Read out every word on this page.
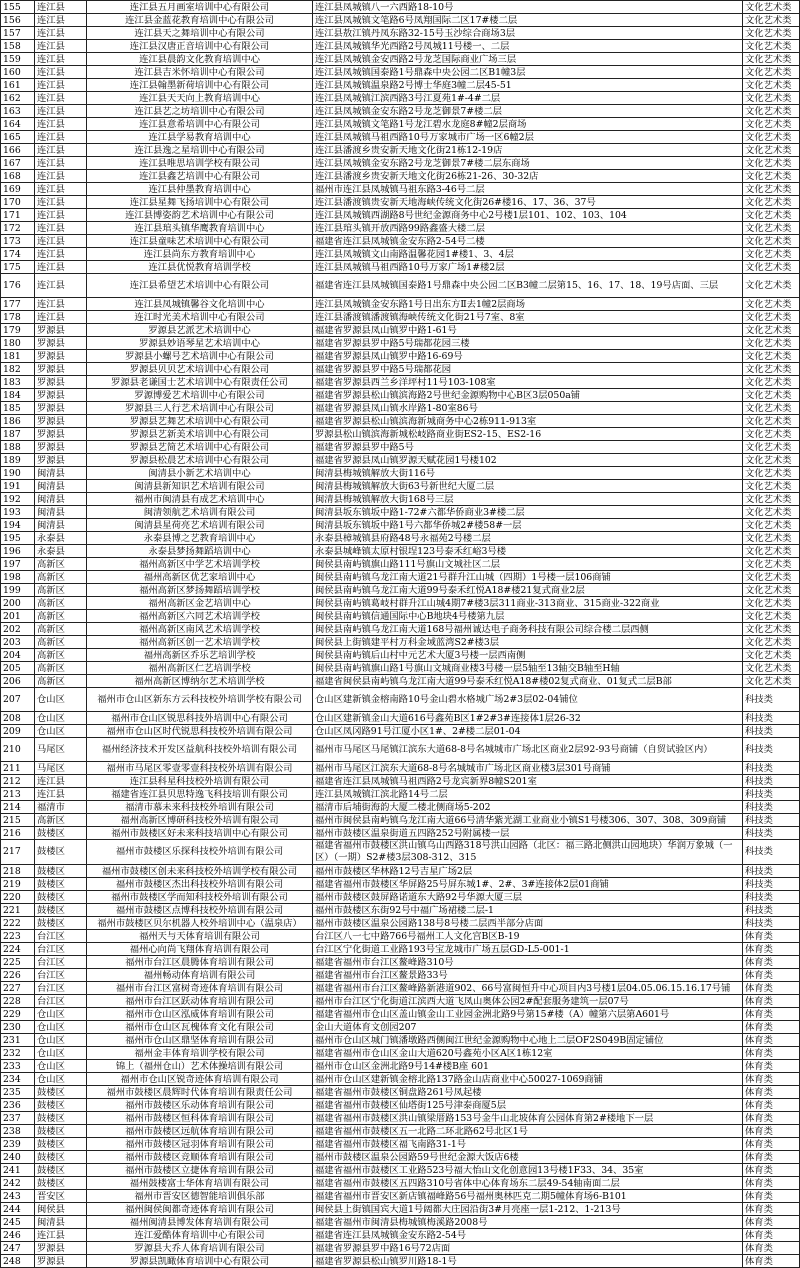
155	连江县	连江县五月画室培训中心有限公司	连江县凤城镇八一六西路18-10号	文化艺术类
156	连江县	连江县金蓝花教育培训中心有限公司	连江县凤城镇文笔路6号凤翔国际二区17#楼二层	文化艺术类
157	连江县	连江县天之舞培训中心有限公司	连江县敖江镇丹凤东路32-15号玉沙综合商场3层	文化艺术类
158	连江县	连江县汉唐正音培训中心有限公司	连江县凤城镇华光西路2号凤城11号楼一、二层	文化艺术类
159	连江县	连江县晨韵文化教育培训中心	连江县凤城镇金安西路2号龙芝国际商业广场三层	文化艺术类
160	连江县	连江县吉米怀培训中心有限公司	连江县凤城镇国泰路1号鼎森中央公园二区B1幢3层	文化艺术类
161	连江县	连江县翰墨新荷培训中心有限公司	连江县凤城镇温泉路2号博士华庭3幢二层45-51	文化艺术类
162	连江县	连江县天天向上教育培训中心	连江县凤城镇江滨西路3号江夏苑1#-4#二层	文化艺术类
163	连江县	连江县艺之坊培训中心有限公司	连江县凤城镇金安东路2号龙芝御景7#楼二层	文化艺术类
164	连江县	连江县意希培训中心有限公司	连江县凤城镇文笔路1号龙江碧水龙庭8#幢2层商场	文化艺术类
165	连江县	连江县学易教育培训中心	连江县凤城镇马祖西路10号万家城市广场一区6幢2层	文化艺术类
166	连江县	连江县逸之星培训中心有限公司	连江县潘渡乡贵安新天地文化街21栋12-19店	文化艺术类
167	连江县	连江县唯思培训学校有限公司	连江县凤城镇金安东路2号龙芝御景7#楼二层东商场	文化艺术类
168	连江县	连江县鑫艺培训中心有限公司	连江县潘渡乡贵安新天地文化街26栋21-26、30-32店	文化艺术类
169	连江县	连江县仲墨教育培训中心	福州市连江县凤城镇马祖东路3-46号二层	文化艺术类
170	连江县	连江县星舞飞扬培训中心有限公司	连江县潘渡镇贵安新天地海峡传统文化街26#楼16、17、36、37号	文化艺术类
171	连江县	连江县博姿韵艺术培训中心有限公司	连江县凤城镇西湖路8号世纪金源商务中心2号楼1层101、102、103、104	文化艺术类
172	连江县	连江县琯头镇华鹰教育培训中心	连江县琯头镇开放西路99路鑫盛大楼二层	文化艺术类
173	连江县	连江县童味艺术培训中心有限公司	福建省连江县凤城镇金安东路2-54号二楼	文化艺术类
174	连江县	连江县尚东方教育培训中心	连江县凤城镇文山南路温馨花园1#楼1、3、4层	文化艺术类
175	连江县	连江县优悦教育培训学校	连江县凤城镇马祖西路10号万家广场1#楼2层	文化艺术类
176	连江县	连江县希望艺术培训中心有限公司	福建省连江县凤城镇国泰路1号鼎森中央公园二区B3幢二层第15、16、17、18、19号店面、三层	文化艺术类
177	连江县	连江县凤城镇馨谷文化培训中心	连江县凤城镇金安东路1号日出东方Ⅱ去1幢2层商场	文化艺术类
178	连江县	连江时光美术培训中心有限公司	连江县潘渡镇潘渡镇海峡传统文化街21号7室、8室	文化艺术类
179	罗源县	罗源县艺派艺术培训中心	福建省罗源县凤山镇罗中路1-61号	文化艺术类
180	罗源县	罗源县妙语琴星艺术培训中心	福建省罗源县罗中路5号瑞都花园三楼	文化艺术类
181	罗源县	罗源县小螺号艺术培训中心有限公司	福建省罗源县凤山镇罗中路16-69号	文化艺术类
182	罗源县	罗源县贝贝艺术培训中心有限公司	福建省罗源县罗中路5号瑞都花园	文化艺术类
183	罗源县	罗源县老谦国士艺术培训中心有限责任公司	福建省罗源县西兰乡洋坪村11号103-108室	文化艺术类
184	罗源县	罗源博爱艺术培训中心有限公司	福建省罗源县松山镇滨海路2号世纪金源购物中心B区3层050a铺	文化艺术类
185	罗源县	罗源县三人行艺术培训中心有限公司	福建省罗源县凤山镇水岸路1-80室86号	文化艺术类
186	罗源县	罗源县艺舞艺术培训中心有限公司	福建省罗源县松山镇滨海新城商务中心2栋911-913室	文化艺术类
187	罗源县	罗源县艺新美术培训中心有限公司	罗源县松山镇滨海新城松岐路商业街ES2-15、ES2-16	文化艺术类
188	罗源县	罗源县艺简艺术培训中心有限公司	福建省罗源县罗中路5号	文化艺术类
189	罗源县	罗源县松晨艺术培训中心有限公司	福建省罗源县凤山镇罗源天赋花园1号楼102	文化艺术类
190	闽清县	闽清县小新艺术培训中心	闽清县梅城镇解放大街116号	文化艺术类
191	闽清县	闽清县新知识艺术培训有限公司	闽清县梅城镇解放大街63号新世纪大厦二层	文化艺术类
192	闽清县	福州市闽清县有成艺术培训中心	闽清县梅城镇解放大街168号三层	文化艺术类
193	闽清县	闽清领航艺术培训有限公司	闽清县坂东镇坂中路1-72#六都华侨商业3#楼二层	文化艺术类
194	闽清县	闽清县星荷亮艺术培训有限公司	闽清县坂东镇坂中路1号六都华侨城2#楼58#一层	文化艺术类
195	永泰县	永泰县博之艺教育培训中心	永泰县樟城镇县府路48号永福苑2号楼二层	文化艺术类
196	永泰县	永泰县梦扬舞蹈培训中心	永泰县城峰镇太原村银埕123号泰禾红峪3号楼	文化艺术类
197	高新区	福州高新区中学艺术培训学校	闽侯县南屿镇旗山路111号旗山文城社区二层	文化艺术类
198	高新区	福州高新区优艺家培训中心	闽侯县南屿镇乌龙江南大道21号群升江山城（四期）1号楼一层106商铺	文化艺术类
199	高新区	福州高新区梦扬舞蹈培训学校	闽侯县南屿镇乌龙江南大道99号泰禾红悦A18#楼21复式商业2层	文化艺术类
200	高新区	福州高新区金艺培训中心	闽侯县南屿镇葛岐村群升江山城4期7#楼3层311商业-313商业、315商业-322商业	文化艺术类
201	高新区	福州高新区六同艺术培训学校	闽侯县南屿镇信通国际中心B地块4号楼第九层	文化艺术类
202	高新区	福州高新区南风艺术培训学校	闽侯县南屿镇乌龙江南大道168号福州诚达电子商务科技有限公司综合楼二层西侧	文化艺术类
203	高新区	福州高新区创一艺术培训学校	闽侯县上街镇建平村万科金域蓝湾S2#楼3层	文化艺术类
204	高新区	福州高新区乔乐艺培训学校	闽侯县南屿镇后山村中元艺术大厦3号楼一层西南侧	文化艺术类
205	高新区	福州高新区仁艺培训学校	闽侯县南屿镇旗山路1号旗山文城商业楼3号楼一层5轴至13轴交B轴至H轴	文化艺术类
206	高新区	福州高新区博纳尔艺术培训学校	福建省闽侯县南屿镇乌龙江南大道99号泰禾红悦A18#楼02复式商业、01复式二层B部	文化艺术类
207	仓山区	福州市仓山区新东方云科技校外培训学校有限公司	仓山区建新镇金榕南路10号金山碧水格城广场2#3层02-04铺位	科技类
208	仓山区	福州市仓山区锐思科技外培训中心有限公司	仓山区建新镇金山大道616号鑫苑B区1#2#3#连接体1层26-32	科技类
209	仓山区	福州市仓山区时代锐思科技校外培训有限公司	仓山区凤冈路91号江厦小区1#、2#楼二层01-04	科技类
210	马尾区	福州经济技术开发区益航科技校外培训有限公司	福州市马尾区马尾镇江滨东大道68-8号名城城市广场北区商业2层92-93号商铺（自贸试验区内）	科技类
211	马尾区	福州市马尾区零壹零壹科技校外培训有限公司	福州市马尾区江滨东大道68-8号名城城市广场北区商业楼3层301号商铺	科技类
212	连江县	连江县科星科技校外培训有限公司	福建省连江县凤城镇马祖西路2号龙宾新界8幢S201室	科技类
213	连江县	福建省连江县贝思特逸飞科技培训有限公司	连江县凤城镇江滨北路14号二层	科技类
214	福清市	福清市慕未来科技校外培训有限公司	福清市后埔街海韵大厦二楼北侧商场5-202	科技类
215	高新区	福州高新区博研科技校外培训有限公司	福州市闽侯县南屿镇乌龙江南大道66号清华紫光湖工业商业小镇S1号楼306、307、308、309商铺	科技类
216	鼓楼区	福州市鼓楼区好未来科技培训中心有限公司	福州市鼓楼区温泉街道五四路252号附属楼一层	科技类
217	鼓楼区	福州市鼓楼区乐探科技校外培训有限公司	福建省福州市鼓楼区洪山镇乌山西路318号洪山园路（北区：福三路北侧洪山园地块）华润万象城（一区）（一期）S2#楼3层308-312、315	科技类
218	鼓楼区	福州市鼓楼区创未来科技校外培训学校有限公司	福州市鼓楼区华林路12号吉星广场2层	科技类
219	鼓楼区	福州市鼓楼区杰出科技校外培训有限公司	福建省福州市鼓楼区华屏路25号屏东城1#、2#、3#连接体2层01商铺	科技类
220	鼓楼区	福州市鼓楼区学而知科技校外培训有限公司	福州市鼓楼区鼓屏路诺道东大路92号华源大厦三层	科技类
221	鼓楼区	福州市鼓楼区点博科技校外培训有限公司	福州市鼓楼区东街92号中福广场裙楼二层-1	科技类
222	鼓楼区	福州市鼓楼区贝尔机器人校外培训中心（温泉店）	福州市鼓楼区温泉公园路138号8号楼二层西半部分店面	科技类
223	台江区	福州天与天体育培训有限公司	台江区八一七中路766号福州工人文化宫B区B-19	体育类
224	台江区	福州心向尚飞翔体育培训有限公司	台江区宁化街道工业路193号宝龙城市广场五层GD-L5-001-1	体育类
225	台江区	福州市台江区晨腾体育培训有限公司	福建省福州市台江区鳌峰路310号	体育类
226	台江区	福州畅动体育培训有限公司	福建省福州市台江区鳌景路33号	体育类
227	台江区	福州市台江区富树奇迹体育培训有限公司	福建省福州市台江区鳌峰路新港道902、66号富闽恒升中心项目内3号楼1层04.05.06.15.16.17号铺	体育类
228	台江区	福州市台江区跃动体育培训有限公司	福州市台江区宁化街道江滨西大道飞凤山奥体公园2#配套服务建筑一层07号	体育类
229	仓山区	福州市仓山区泓威体育培训有限公司	福建省福州市仓山区盖山镇金山工业园金洲北路9号第15#楼（A）幢第六层第A601号	体育类
230	仓山区	福州市仓山区瓦槐体育文化有限公司	金山大道体育文创园207	体育类
231	仓山区	福州市仓山区鼎坚体育培训有限公司	福州市仓山区城门镇潘墩路西侧闽江世纪金源购物中心地上二层OF2S049B固定铺位	体育类
232	仓山区	福州金丰体育培训学校有限公司	福建省福州市仓山区金山大道620号鑫苑小区A区1栋12室	体育类
233	仓山区	锦上（福州仓山）艺术体操培训有限公司	福州市仓山区金洲北路9号14#楼B座 601	体育类
234	仓山区	福州市仓山区锐奇迹体育培训有限公司	福州市仓山区建新镇金榕北路137路金山店商业中心50027-1069商铺	体育类
235	鼓楼区	福州市鼓楼区晨辉时代体育培训有限责任公司	福建省福州市鼓楼区铜盘路261号凤起楼	体育类
236	鼓楼区	福州市鼓楼区乐动体育培训有限公司	福建省福州市鼓楼区仙塔街125号津泰商厦5层	体育类
237	鼓楼区	福州市鼓楼区恒科体育培训有限公司	福建省福州市鼓楼区洪山镇梁厝路153号金牛山北坡体育公园体育第2#楼地下一层	体育类
238	鼓楼区	福州市鼓楼区远航体育培训有限公司	福建省福州市鼓楼区五一北路二环北路62号北区1号	体育类
239	鼓楼区	福州市鼓楼区冠羽体育培训有限公司	福建省福州市鼓楼区福飞南路31-1号	体育类
240	鼓楼区	福州市鼓楼区竞顺体育培训有限公司	福州市鼓楼区温泉公园路59号世纪金源大饭店6楼	体育类
241	鼓楼区	福州市鼓楼区立捷体育培训有限公司	福建省福州市鼓楼区工业路523号福大怡山文化创意园13号楼1F33、34、35室	体育类
242	鼓楼区	福州鼓楼富士华体育培训有限公司	福建省福州市鼓楼区五四路310号省体中心体育场东二层49-54轴南面二层	体育类
243	晋安区	福州市晋安区德智能培训俱乐部	福建省福州市晋安区新店镇福峰路56号福州奥林匹克二期5幢体育场6-B101	体育类
244	闽侯县	福州闽侯闽都奇迹体育培训有限公司	闽侯县上街镇国宾大道1号阔都大庄园沿街3#月亮座一层1-212、1-213号	体育类
245	闽清县	福州闽清县博发体育培训有限公司	福建省福州市闽清县梅城镇梅溪路2008号	体育类
246	连江县	连江爱酷体育培训中心有限公司	福建省连江县凤城镇金安东路2-54号	体育类
247	罗源县	罗源县大乔人体育培训有限公司	福建省罗源县罗中路16号72店面	体育类
248	罗源县	罗源县凯瞰体育培训中心有限公司	福建省罗源县松山镇罗川路18-1号	体育类
